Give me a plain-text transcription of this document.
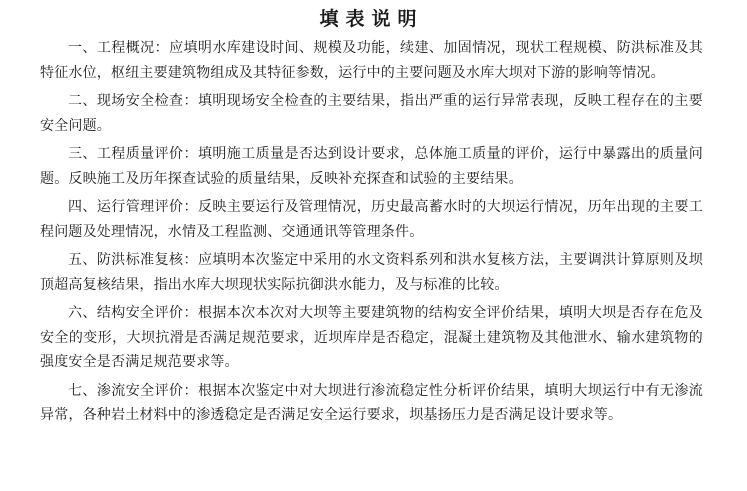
填表说明

一、工程概况：应填明水库建设时间、规模及功能，续建、加固情况，现状工程规模、防洪标准及其特征水位，枢纽主要建筑物组成及其特征参数，运行中的主要问题及水库大坝对下游的影响等情况。

二、现场安全检查：填明现场安全检查的主要结果，指出严重的运行异常表现，反映工程存在的主要安全问题。

三、工程质量评价：填明施工质量是否达到设计要求，总体施工质量的评价，运行中暴露出的质量问题。反映施工及历年探查试验的质量结果，反映补充探查和试验的主要结果。

四、运行管理评价：反映主要运行及管理情况，历史最高蓄水时的大坝运行情况，历年出现的主要工程问题及处理情况，水情及工程监测、交通通讯等管理条件。

五、防洪标准复核：应填明本次鉴定中采用的水文资料系列和洪水复核方法，主要调洪计算原则及坝顶超高复核结果，指出水库大坝现状实际抗御洪水能力，及与标准的比较。

六、结构安全评价：根据本次本次对大坝等主要建筑物的结构安全评价结果，填明大坝是否存在危及安全的变形，大坝抗滑是否满足规范要求，近坝库岸是否稳定，混凝土建筑物及其他泄水、输水建筑物的强度安全是否满足规范要求等。

七、渗流安全评价：根据本次鉴定中对大坝进行渗流稳定性分析评价结果，填明大坝运行中有无渗流异常，各种岩土材料中的渗透稳定是否满足安全运行要求，坝基扬压力是否满足设计要求等。
